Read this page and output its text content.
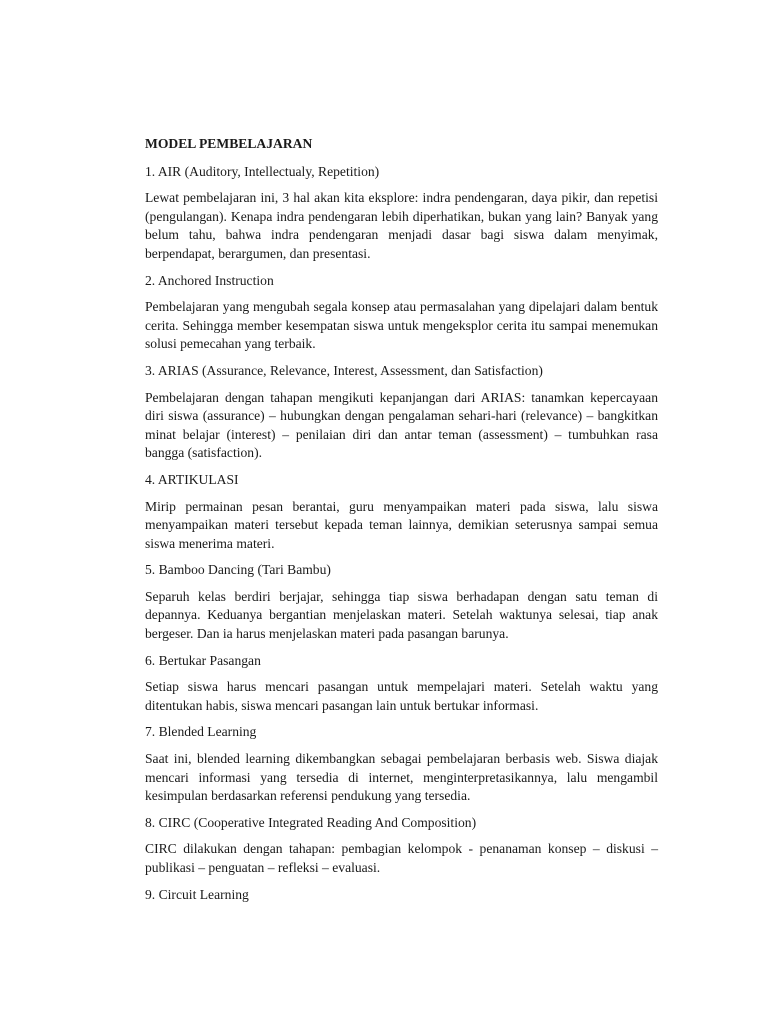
MODEL PEMBELAJARAN

1. AIR (Auditory, Intellectualy, Repetition)

Lewat pembelajaran ini, 3 hal akan kita eksplore: indra pendengaran, daya pikir, dan repetisi (pengulangan). Kenapa indra pendengaran lebih diperhatikan, bukan yang lain? Banyak yang belum tahu, bahwa indra pendengaran menjadi dasar bagi siswa dalam menyimak, berpendapat, berargumen, dan presentasi.

2. Anchored Instruction

Pembelajaran yang mengubah segala konsep atau permasalahan yang dipelajari dalam bentuk cerita. Sehingga member kesempatan siswa untuk mengeksplor cerita itu sampai menemukan solusi pemecahan yang terbaik.

3. ARIAS (Assurance, Relevance, Interest, Assessment, dan Satisfaction)

Pembelajaran dengan tahapan mengikuti kepanjangan dari ARIAS: tanamkan kepercayaan diri siswa (assurance) – hubungkan dengan pengalaman sehari-hari (relevance) – bangkitkan minat belajar (interest) – penilaian diri dan antar teman (assessment) – tumbuhkan rasa bangga (satisfaction).

4. ARTIKULASI

Mirip permainan pesan berantai, guru menyampaikan materi pada siswa, lalu siswa menyampaikan materi tersebut kepada teman lainnya, demikian seterusnya sampai semua siswa menerima materi.

5. Bamboo Dancing (Tari Bambu)

Separuh kelas berdiri berjajar, sehingga tiap siswa berhadapan dengan satu teman di depannya. Keduanya bergantian menjelaskan materi. Setelah waktunya selesai, tiap anak bergeser. Dan ia harus menjelaskan materi pada pasangan barunya.

6. Bertukar Pasangan

Setiap siswa harus mencari pasangan untuk mempelajari materi. Setelah waktu yang ditentukan habis, siswa mencari pasangan lain untuk bertukar informasi.

7. Blended Learning

Saat ini, blended learning dikembangkan sebagai pembelajaran berbasis web. Siswa diajak mencari informasi yang tersedia di internet, menginterpretasikannya, lalu mengambil kesimpulan berdasarkan referensi pendukung yang tersedia.

8. CIRC (Cooperative Integrated Reading And Composition)

CIRC dilakukan dengan tahapan: pembagian kelompok - penanaman konsep – diskusi – publikasi – penguatan – refleksi – evaluasi.

9. Circuit Learning
